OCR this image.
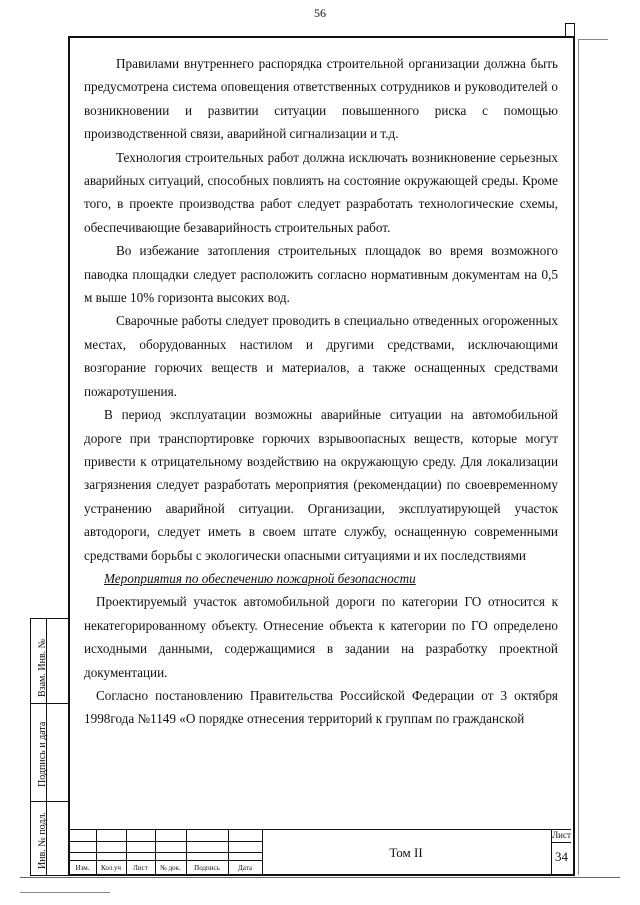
56

Правилами внутреннего распорядка строительной организации должна быть предусмотрена система оповещения ответственных сотрудников и руководителей о возникновении и развитии ситуации повышенного риска с помощью производственной связи, аварийной сигнализации и т.д.

Технология строительных работ должна исключать возникновение серьезных аварийных ситуаций, способных повлиять на состояние окружающей среды. Кроме того, в проекте производства работ следует разработать технологические схемы, обеспечивающие безаварийность строительных работ.

Во избежание затопления строительных площадок во время возможного паводка площадки следует расположить согласно нормативным документам на 0,5 м выше 10% горизонта высоких вод.

Сварочные работы следует проводить в специально отведенных огороженных местах, оборудованных настилом и другими средствами, исключающими возгорание горючих веществ и материалов, а также оснащенных средствами пожаротушения.

В период эксплуатации возможны аварийные ситуации на автомобильной дороге при транспортировке горючих взрывоопасных веществ, которые могут привести к отрицательному воздействию на окружающую среду. Для локализации загрязнения следует разработать мероприятия (рекомендации) по своевременному устранению аварийной ситуации. Организации, эксплуатирующей участок автодороги, следует иметь в своем штате службу, оснащенную современными средствами борьбы с экологически опасными ситуациями и их последствиями

Мероприятия по обеспечению пожарной безопасности

Проектируемый участок автомобильной дороги по категории ГО относится к некатегорированному объекту. Отнесение объекта к категории по ГО определено исходными данными, содержащимися в задании на разработку проектной документации.

Согласно постановлению Правительства Российской Федерации от 3 октября 1998года №1149 «О порядке отнесения территорий к группам по гражданской

Взам. Инв. №
Подпись и дата
Инв. № подл.	Изм.	Кол.уч	Лист	№ док.	Подпись	Дата
Том II
Лист
34
